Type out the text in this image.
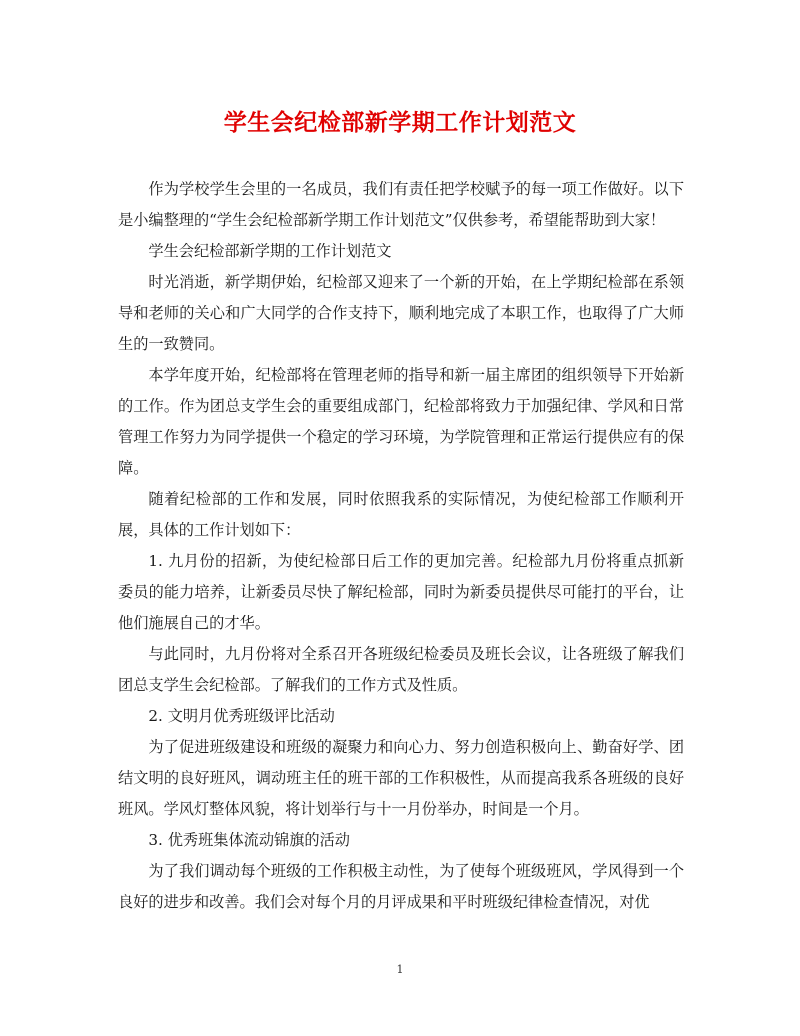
学生会纪检部新学期工作计划范文

作为学校学生会里的一名成员，我们有责任把学校赋予的每一项工作做好。以下是小编整理的“学生会纪检部新学期工作计划范文”仅供参考，希望能帮助到大家！

学生会纪检部新学期的工作计划范文

时光消逝，新学期伊始，纪检部又迎来了一个新的开始，在上学期纪检部在系领导和老师的关心和广大同学的合作支持下，顺利地完成了本职工作，也取得了广大师生的一致赞同。

本学年度开始，纪检部将在管理老师的指导和新一届主席团的组织领导下开始新的工作。作为团总支学生会的重要组成部门，纪检部将致力于加强纪律、学风和日常管理工作努力为同学提供一个稳定的学习环境，为学院管理和正常运行提供应有的保障。

随着纪检部的工作和发展，同时依照我系的实际情况，为使纪检部工作顺利开展，具体的工作计划如下：

1. 九月份的招新，为使纪检部日后工作的更加完善。纪检部九月份将重点抓新委员的能力培养，让新委员尽快了解纪检部，同时为新委员提供尽可能打的平台，让他们施展自己的才华。

与此同时，九月份将对全系召开各班级纪检委员及班长会议，让各班级了解我们团总支学生会纪检部。了解我们的工作方式及性质。

2. 文明月优秀班级评比活动

为了促进班级建设和班级的凝聚力和向心力、努力创造积极向上、勤奋好学、团结文明的良好班风，调动班主任的班干部的工作积极性，从而提高我系各班级的良好班风。学风灯整体风貌，将计划举行与十一月份举办，时间是一个月。

3. 优秀班集体流动锦旗的活动

为了我们调动每个班级的工作积极主动性，为了使每个班级班风，学风得到一个良好的进步和改善。我们会对每个月的月评成果和平时班级纪律检查情况，对优

1
